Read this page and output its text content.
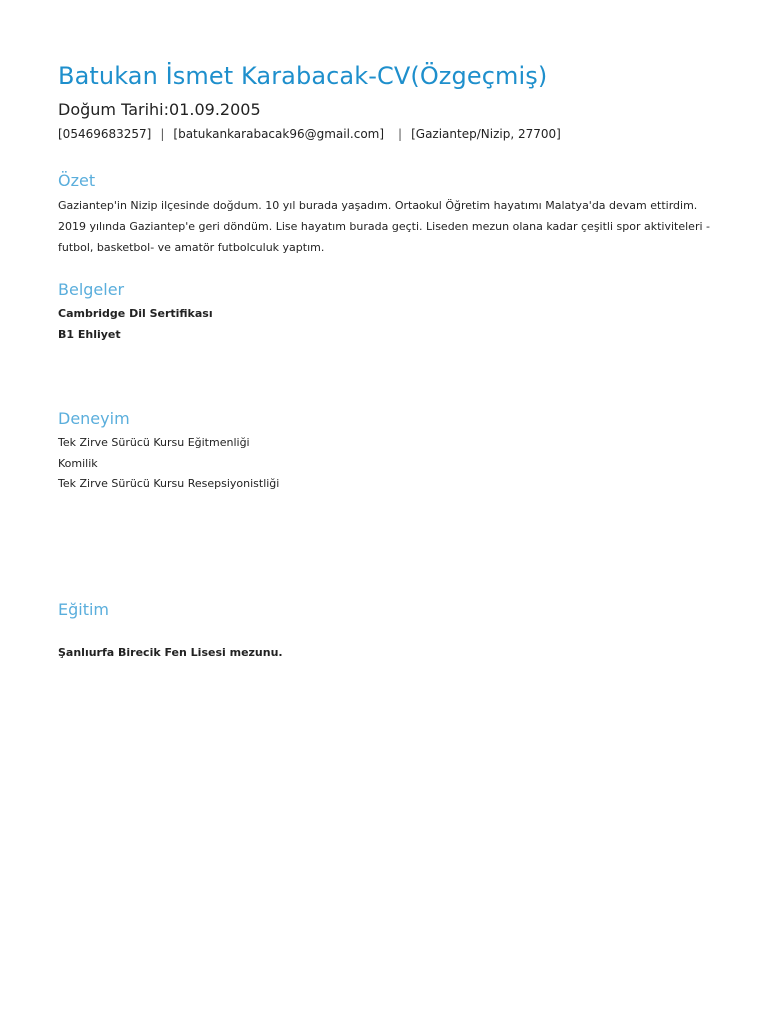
Batukan İsmet Karabacak-CV(Özgeçmiş)
Doğum Tarihi:01.09.2005
[05469683257] | [batukankarabacak96@gmail.com] | [Gaziantep/Nizip, 27700]
Özet

Gaziantep'in Nizip ilçesinde doğdum. 10 yıl burada yaşadım. Ortaokul Öğretim hayatımı Malatya'da devam ettirdim. 2019 yılında Gaziantep'e geri döndüm. Lise hayatım burada geçti. Liseden mezun olana kadar çeşitli spor aktiviteleri - futbol, basketbol- ve amatör futbolculuk yaptım.

Belgeler
Cambridge Dil Sertifikası
B1 Ehliyet
Deneyim
Tek Zirve Sürücü Kursu Eğitmenliği
Komilik
Tek Zirve Sürücü Kursu Resepsiyonistliği
Eğitim

Şanlıurfa Birecik Fen Lisesi mezunu.
